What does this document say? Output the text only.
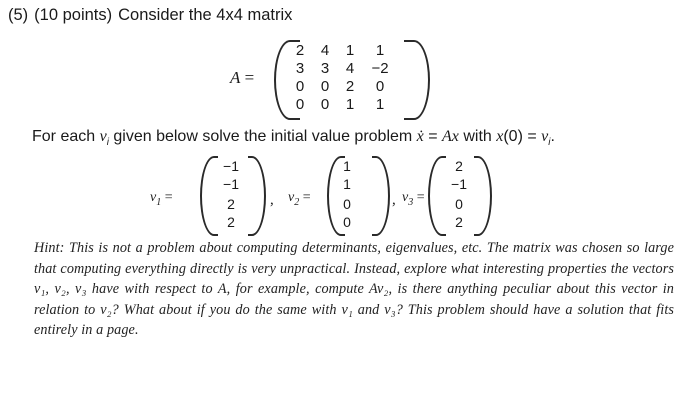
(5) (10 points) Consider the 4x4 matrix
A =
2	4	1	1
3	3	4	−2
0	0	2	0
0	0	1	1
For each $v_i$ given below solve the initial value problem ẋ = Ax with $x(0) = v_i$.
$v_1$ =
−1
−1
2
2
, $v_2$ =
1
1
0
0
, $v_3$ =
2
−1
0
2
Hint: This is not a problem about computing determinants, eigenvalues, etc. The matrix was chosen so large that computing everything directly is very unpractical. Instead, explore what interesting properties the vectors v₁, v₂, v₃ have with respect to A, for example, compute Av₂, is there anything peculiar about this vector in relation to v₂? What about if you do the same with v₁ and v₃? This problem should have a solution that fits entirely in a page.
